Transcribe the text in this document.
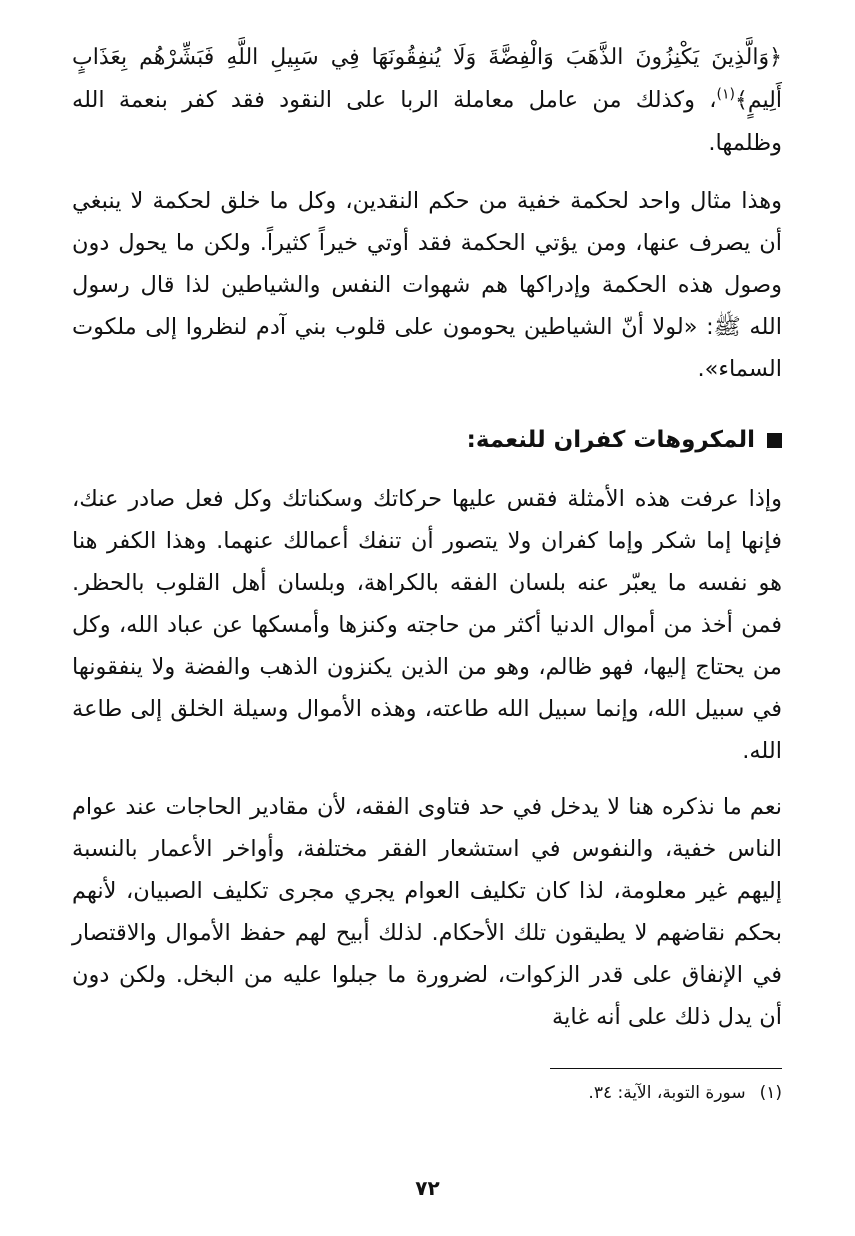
﴿وَالَّذِينَ يَكْنِزُونَ الذَّهَبَ وَالْفِضَّةَ وَلَا يُنفِقُونَهَا فِي سَبِيلِ اللَّهِ فَبَشِّرْهُم بِعَذَابٍ أَلِيمٍ﴾$^{(١)}$، وكذلك من عامل معاملة الربا على النقود فقد كفر بنعمة الله وظلمها.

وهذا مثال واحد لحكمة خفية من حكم النقدين، وكل ما خلق لحكمة لا ينبغي أن يصرف عنها، ومن يؤتي الحكمة فقد أوتي خيراً كثيراً. ولكن ما يحول دون وصول هذه الحكمة وإدراكها هم شهوات النفس والشياطين لذا قال رسول الله ﷺ: «لولا أنّ الشياطين يحومون على قلوب بني آدم لنظروا إلى ملكوت السماء».

المكروهات كفران للنعمة:

وإذا عرفت هذه الأمثلة فقس عليها حركاتك وسكناتك وكل فعل صادر عنك، فإنها إما شكر وإما كفران ولا يتصور أن تنفك أعمالك عنهما. وهذا الكفر هنا هو نفسه ما يعبّر عنه بلسان الفقه بالكراهة، وبلسان أهل القلوب بالحظر. فمن أخذ من أموال الدنيا أكثر من حاجته وكنزها وأمسكها عن عباد الله، وكل من يحتاج إليها، فهو ظالم، وهو من الذين يكنزون الذهب والفضة ولا ينفقونها في سبيل الله، وإنما سبيل الله طاعته، وهذه الأموال وسيلة الخلق إلى طاعة الله.

نعم ما نذكره هنا لا يدخل في حد فتاوى الفقه، لأن مقادير الحاجات عند عوام الناس خفية، والنفوس في استشعار الفقر مختلفة، وأواخر الأعمار بالنسبة إليهم غير معلومة، لذا كان تكليف العوام يجري مجرى تكليف الصبيان، لأنهم بحكم نقاضهم لا يطيقون تلك الأحكام. لذلك أبيح لهم حفظ الأموال والاقتصار في الإنفاق على قدر الزكوات، لضرورة ما جبلوا عليه من البخل. ولكن دون أن يدل ذلك على أنه غاية

(١)
سورة التوبة، الآية: ٣٤.
٧٢
